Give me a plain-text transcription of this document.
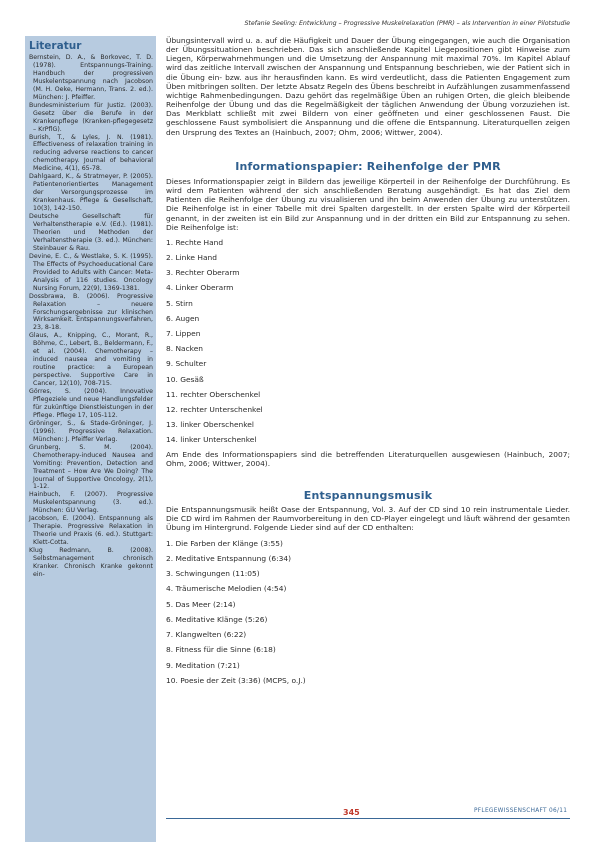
Stefanie Seeling: Entwicklung – Progressive Muskelrelaxation (PMR) – als Intervention in einer Pilotstudie
Literatur

Bernstein, D. A., & Borkovec, T. D. (1978). Entspannungs-Training. Handbuch der progressiven Muskelentspannung nach Jacobson (M. H. Oeke, Hermann, Trans. 2. ed.). München: J. Pfeiffer.

Bundesministerium für Justiz. (2003). Gesetz über die Berufe in der Krankenpflege (Kranken-pflegegesetz – KrPflG).

Burish, T., & Lyles, J. N. (1981). Effectiveness of relaxation training in reducing adverse reactions to cancer chemotherapy. Journal of behavioral Medicine, 4(1), 65-78.

Dahlgaard, K., & Stratmeyer, P. (2005). Patientenorientiertes Management der Versorgungsprozesse im Krankenhaus. Pflege & Gesellschaft, 10(3), 142-150.

Deutsche Gesellschaft für Verhaltenstherapie e.V. (Ed.). (1981). Theorien und Methoden der Verhaltenstherapie (3. ed.). München: Steinbauer & Rau.

Devine, E. C., & Westlake, S. K. (1995). The Effects of Psychoeducational Care Provided to Adults with Cancer: Meta-Analysis of 116 studies. Oncology Nursing Forum, 22(9), 1369-1381.

Dossbrawa, B. (2006). Progressive Relaxation – neuere Forschungsergebnisse zur klinischen Wirksamkeit. Entspannungsverfahren, 23, 8-18.

Glaus, A., Knipping, C., Morant, R., Böhme, C., Lebert, B., Beldermann, F., et al. (2004). Chemotherapy – induced nausea and vomiting in routine practice: a European perspective. Supportive Care in Cancer, 12(10), 708-715.

Görres, S. (2004). Innovative Pflegeziele und neue Handlungsfelder für zukünftige Dienstleistungen in der Pflege. Pflege 17, 105-112.

Gröninger, S., & Stade-Gröninger, J. (1996). Progressive Relaxation. München: J. Pfeiffer Verlag.

Grunberg, S. M. (2004). Chemotherapy-induced Nausea and Vomiting: Prevention, Detection and Treatment – How Are We Doing? The Journal of Supportive Oncology, 2(1), 1-12.

Hainbuch, F. (2007). Progressive Muskelentspannung (3. ed.). München: GU Verlag.

Jacobson, E. (2004). Entspannung als Therapie. Progressive Relaxation in Theorie und Praxis (6. ed.). Stuttgart: Klett-Cotta.

Klug Redmann, B. (2008). Selbstmanagement chronisch Kranker. Chronisch Kranke gekonnt ein-

Übungsintervall wird u. a. auf die Häufigkeit und Dauer der Übung eingegangen, wie auch die Organisation der Übungssituationen beschrieben. Das sich anschließende Kapitel Liegepositionen gibt Hinweise zum Liegen, Körperwahrnehmungen und die Umsetzung der Anspannung mit maximal 70%. Im Kapitel Ablauf wird das zeitliche Intervall zwischen der Anspannung und Entspannung beschrieben, wie der Patient sich in die Übung ein- bzw. aus ihr herausfinden kann. Es wird verdeutlicht, dass die Patienten Engagement zum Üben mitbringen sollten. Der letzte Absatz Regeln des Übens beschreibt in Aufzählungen zusammenfassend wichtige Rahmenbedingungen. Dazu gehört das regelmäßige Üben an ruhigen Orten, die gleich bleibende Reihenfolge der Übung und das die Regelmäßigkeit der täglichen Anwendung der Übung vorzuziehen ist. Das Merkblatt schließt mit zwei Bildern von einer geöffneten und einer geschlossenen Faust. Die geschlossene Faust symbolisiert die Anspannung und die offene die Entspannung. Literaturquellen zeigen den Ursprung des Textes an (Hainbuch, 2007; Ohm, 2006; Wittwer, 2004).

Informationspapier: Reihenfolge der PMR

Dieses Informationspapier zeigt in Bildern das jeweilige Körperteil in der Reihenfolge der Durchführung. Es wird dem Patienten während der sich anschließenden Beratung ausgehändigt. Es hat das Ziel dem Patienten die Reihenfolge der Übung zu visualisieren und ihn beim Anwenden der Übung zu unterstützen. Die Reihenfolge ist in einer Tabelle mit drei Spalten dargestellt. In der ersten Spalte wird der Körperteil genannt, in der zweiten ist ein Bild zur Anspannung und in der dritten ein Bild zur Entspannung zu sehen. Die Reihenfolge ist:

1. Rechte Hand
2. Linke Hand
3. Rechter Oberarm
4. Linker Oberarm
5. Stirn
6. Augen
7. Lippen
8. Nacken
9. Schulter
10. Gesäß
11. rechter Oberschenkel
12. rechter Unterschenkel
13. linker Oberschenkel
14. linker Unterschenkel

Am Ende des Informationspapiers sind die betreffenden Literaturquellen ausgewiesen (Hainbuch, 2007; Ohm, 2006; Wittwer, 2004).

Entspannungsmusik

Die Entspannungsmusik heißt Oase der Entspannung, Vol. 3. Auf der CD sind 10 rein instrumentale Lieder. Die CD wird im Rahmen der Raumvorbereitung in den CD-Player eingelegt und läuft während der gesamten Übung im Hintergrund. Folgende Lieder sind auf der CD enthalten:

1. Die Farben der Klänge (3:55)
2. Meditative Entspannung (6:34)
3. Schwingungen (11:05)
4. Träumerische Melodien (4:54)
5. Das Meer (2:14)
6. Meditative Klänge (5:26)
7. Klangwelten (6:22)
8. Fitness für die Sinne (6:18)
9. Meditation (7:21)
10. Poesie der Zeit (3:36) (MCPS, o.J.)
345	PFLEGEWISSENSCHAFT 06/11
